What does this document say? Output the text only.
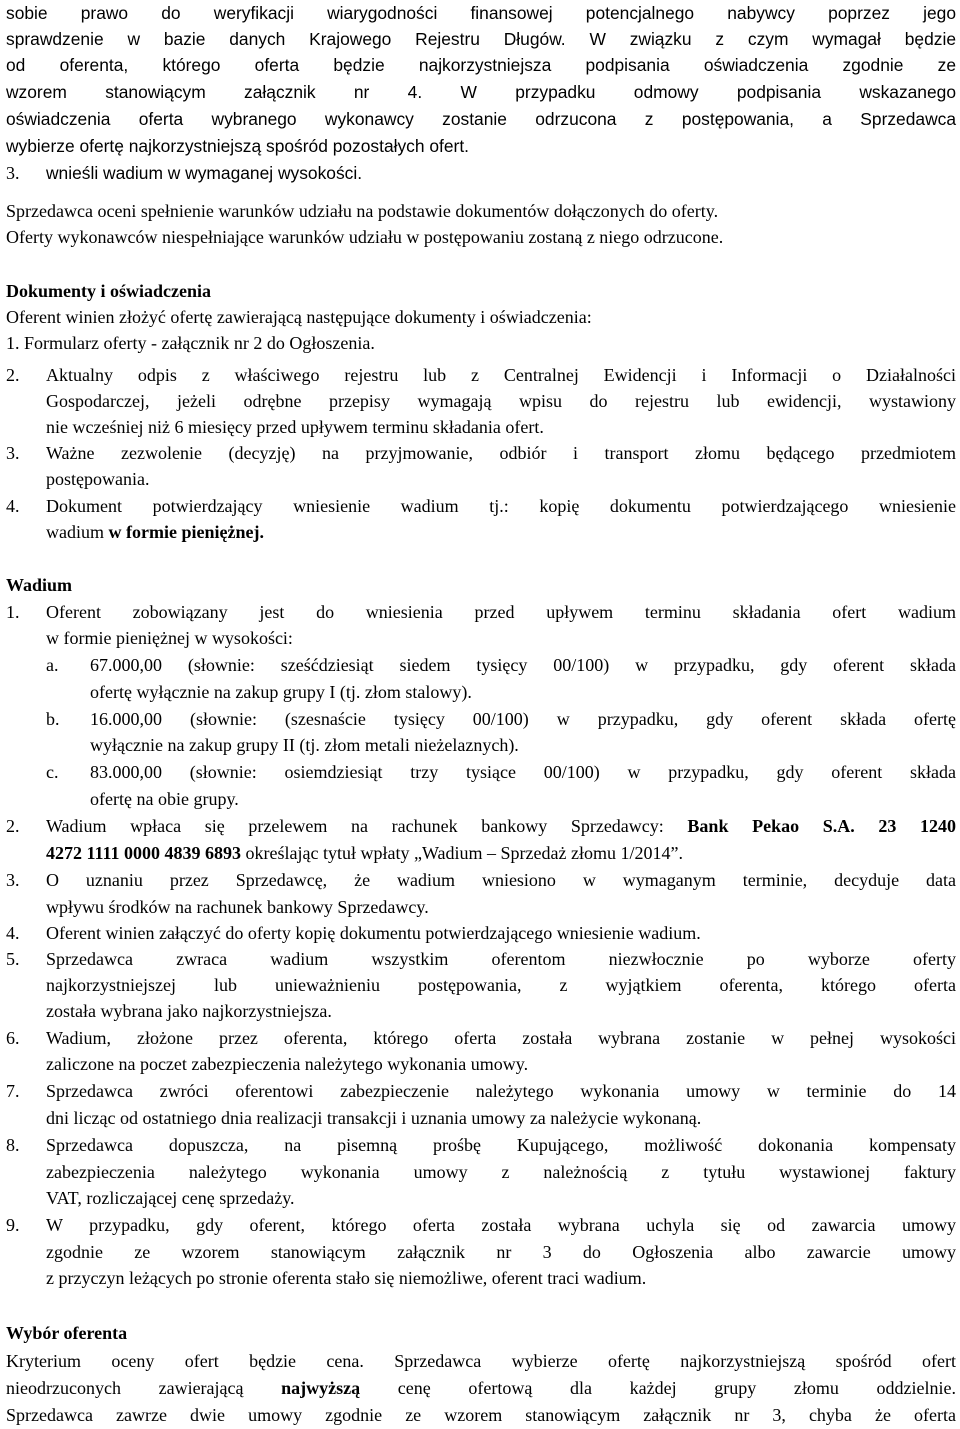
sobie prawo do weryfikacji wiarygodności finansowej potencjalnego nabywcy poprzez jego
sprawdzenie w bazie danych Krajowego Rejestru Długów. W związku z czym wymagał będzie
od oferenta, którego oferta będzie najkorzystniejsza podpisania oświadczenia zgodnie ze
wzorem stanowiącym załącznik nr 4. W przypadku odmowy podpisania wskazanego
oświadczenia oferta wybranego wykonawcy zostanie odrzucona z postępowania, a Sprzedawca
wybierze ofertę najkorzystniejszą spośród pozostałych ofert.
3. wnieśli wadium w wymaganej wysokości.
Sprzedawca oceni spełnienie warunków udziału na podstawie dokumentów dołączonych do oferty.
Oferty wykonawców niespełniające warunków udziału w postępowaniu zostaną z niego odrzucone.
Dokumenty i oświadczenia
Oferent winien złożyć ofertę zawierającą następujące dokumenty i oświadczenia:
1. Formularz oferty - załącznik nr 2 do Ogłoszenia.
2. Aktualny odpis z właściwego rejestru lub z Centralnej Ewidencji i Informacji o Działalności
Gospodarczej, jeżeli odrębne przepisy wymagają wpisu do rejestru lub ewidencji, wystawiony
nie wcześniej niż 6 miesięcy przed upływem terminu składania ofert.
3. Ważne zezwolenie (decyzję) na przyjmowanie, odbiór i transport złomu będącego przedmiotem
postępowania.
4. Dokument potwierdzający wniesienie wadium tj.: kopię dokumentu potwierdzającego wniesienie
wadium w formie pieniężnej.
Wadium
1. Oferent zobowiązany jest do wniesienia przed upływem terminu składania ofert wadium
w formie pieniężnej w wysokości:
a. 67.000,00 (słownie: sześćdziesiąt siedem tysięcy 00/100) w przypadku, gdy oferent składa
ofertę wyłącznie na zakup grupy I (tj. złom stalowy).
b. 16.000,00 (słownie: (szesnaście tysięcy 00/100) w przypadku, gdy oferent składa ofertę
wyłącznie na zakup grupy II (tj. złom metali nieżelaznych).
c. 83.000,00 (słownie: osiemdziesiąt trzy tysiące 00/100) w przypadku, gdy oferent składa
ofertę na obie grupy.
2. Wadium wpłaca się przelewem na rachunek bankowy Sprzedawcy: Bank Pekao S.A. 23 1240
4272 1111 0000 4839 6893 określając tytuł wpłaty „Wadium – Sprzedaż złomu 1/2014”.
3. O uznaniu przez Sprzedawcę, że wadium wniesiono w wymaganym terminie, decyduje data
wpływu środków na rachunek bankowy Sprzedawcy.
4. Oferent winien załączyć do oferty kopię dokumentu potwierdzającego wniesienie wadium.
5. Sprzedawca zwraca wadium wszystkim oferentom niezwłocznie po wyborze oferty
najkorzystniejszej lub unieważnieniu postępowania, z wyjątkiem oferenta, którego oferta
została wybrana jako najkorzystniejsza.
6. Wadium, złożone przez oferenta, którego oferta została wybrana zostanie w pełnej wysokości
zaliczone na poczet zabezpieczenia należytego wykonania umowy.
7. Sprzedawca zwróci oferentowi zabezpieczenie należytego wykonania umowy w terminie do 14
dni licząc od ostatniego dnia realizacji transakcji i uznania umowy za należycie wykonaną.
8. Sprzedawca dopuszcza, na pisemną prośbę Kupującego, możliwość dokonania kompensaty
zabezpieczenia należytego wykonania umowy z należnością z tytułu wystawionej faktury
VAT, rozliczającej cenę sprzedaży.
9. W przypadku, gdy oferent, którego oferta została wybrana uchyla się od zawarcia umowy
zgodnie ze wzorem stanowiącym załącznik nr 3 do Ogłoszenia albo zawarcie umowy
z przyczyn leżących po stronie oferenta stało się niemożliwe, oferent traci wadium.
Wybór oferenta
Kryterium oceny ofert będzie cena. Sprzedawca wybierze ofertę najkorzystniejszą spośród ofert
nieodrzuconych zawierającą najwyższą cenę ofertową dla każdej grupy złomu oddzielnie.
Sprzedawca zawrze dwie umowy zgodnie ze wzorem stanowiącym załącznik nr 3, chyba że oferta
